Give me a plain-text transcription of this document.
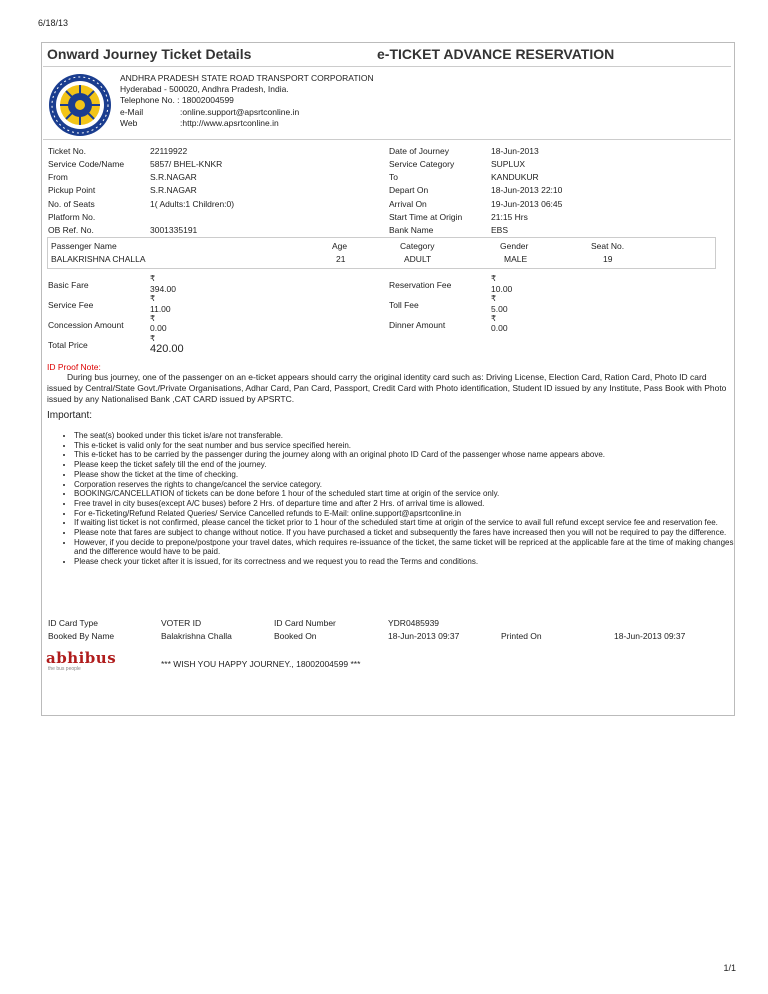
6/18/13
Onward Journey Ticket Details	e-TICKET ADVANCE RESERVATION
ANDHRA PRADESH STATE ROAD TRANSPORT CORPORATION
Hyderabad - 500020, Andhra Pradesh, India.
Telephone No. : 18002004599
e-Mail	:online.support@apsrtconline.in
Web	:http://www.apsrtconline.in
Ticket No.	22119922
Service Code/Name	5857/ BHEL-KNKR
From	S.R.NAGAR
Pickup Point	S.R.NAGAR
No. of Seats	1( Adults:1 Children:0)
Platform No.
OB Ref. No.	3001335191
Date of Journey	18-Jun-2013
Service Category	SUPLUX
To	KANDUKUR
Depart On	18-Jun-2013 22:10
Arrival On	19-Jun-2013 06:45
Start Time at Origin	21:15 Hrs
Bank Name	EBS
Passenger Name	Age	Category	Gender	Seat No.
BALAKRISHNA CHALLA	21	ADULT	MALE	19
Basic Fare
₹
394.00
Service Fee
₹
11.00
Concession Amount
₹
0.00
Total Price
₹
420.00
Reservation Fee
₹
10.00
Toll Fee
₹
5.00
Dinner Amount
₹
0.00
ID Proof Note:
During bus journey, one of the passenger on an e-ticket appears should carry the original identity card such as: Driving License, Election Card, Ration Card, Photo ID card issued by Central/State Govt./Private Organisations, Adhar Card, Pan Card, Passport, Credit Card with Photo identification, Student ID issued by any Institute, Pass Book with Photo issued by any Nationalised Bank ,CAT CARD issued by APSRTC.
Important:
• The seat(s) booked under this ticket is/are not transferable.
• This e-ticket is valid only for the seat number and bus service specified herein.
• This e-ticket has to be carried by the passenger during the journey along with an original photo ID Card of the passenger whose name appears above.
• Please keep the ticket safely till the end of the journey.
• Please show the ticket at the time of checking.
• Corporation reserves the rights to change/cancel the service category.
• BOOKING/CANCELLATION of tickets can be done before 1 hour of the scheduled start time at origin of the service only.
• Free travel in city buses(except A/C buses) before 2 Hrs. of departure time and after 2 Hrs. of arrival time is allowed.
• For e-Ticketing/Refund Related Queries/ Service Cancelled refunds to E-Mail: online.support@apsrtconline.in
• If waiting list ticket is not confirmed, please cancel the ticket prior to 1 hour of the scheduled start time at origin of the service to avail full refund except service fee and reservation fee.
• Please note that fares are subject to change without notice. If you have purchased a ticket and subsequently the fares have increased then you will not be required to pay the difference.
• However, if you decide to prepone/postpone your travel dates, which requires re-issuance of the ticket, the same ticket will be repriced at the applicable fare at the time of making changes and the difference would have to be paid.
• Please check your ticket after it is issued, for its correctness and we request you to read the Terms and conditions.
ID Card Type	VOTER ID	ID Card Number	YDR0485939
Booked By Name	Balakrishna Challa	Booked On	18-Jun-2013 09:37	Printed On	18-Jun-2013 09:37
abhibus
the bus people	*** WISH YOU HAPPY JOURNEY., 18002004599 ***
1/1
